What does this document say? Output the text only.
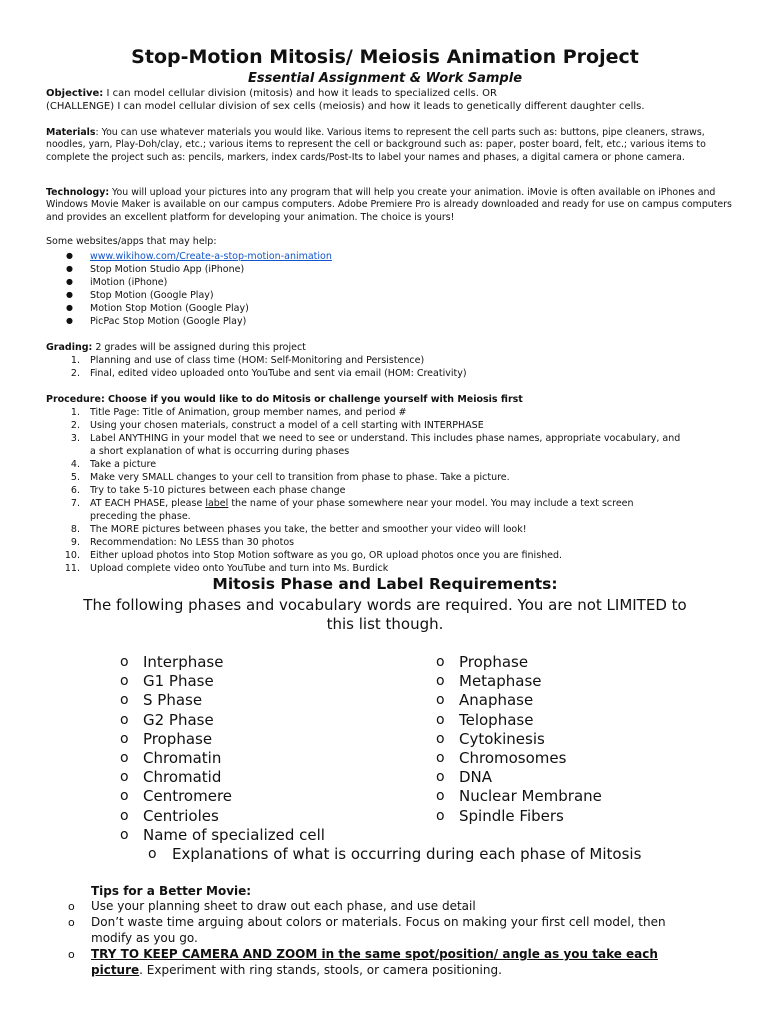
Stop-Motion Mitosis/ Meiosis Animation Project
Essential Assignment & Work Sample
Objective: I can model cellular division (mitosis) and how it leads to specialized cells. OR
(CHALLENGE) I can model cellular division of sex cells (meiosis) and how it leads to genetically different daughter cells.
Materials: You can use whatever materials you would like. Various items to represent the cell parts such as: buttons, pipe cleaners, straws, noodles, yarn, Play-Doh/clay, etc.; various items to represent the cell or background such as: paper, poster board, felt, etc.; various items to complete the project such as: pencils, markers, index cards/Post-Its to label your names and phases, a digital camera or phone camera.
Technology: You will upload your pictures into any program that will help you create your animation. iMovie is often available on iPhones and Windows Movie Maker is available on our campus computers. Adobe Premiere Pro is already downloaded and ready for use on campus computers and provides an excellent platform for developing your animation. The choice is yours!
Some websites/apps that may help:
● www.wikihow.com/Create-a-stop-motion-animation
● Stop Motion Studio App (iPhone)
● iMotion (iPhone)
● Stop Motion (Google Play)
● Motion Stop Motion (Google Play)
● PicPac Stop Motion (Google Play)
Grading: 2 grades will be assigned during this project
1. Planning and use of class time (HOM: Self-Monitoring and Persistence)
2. Final, edited video uploaded onto YouTube and sent via email (HOM: Creativity)
Procedure: Choose if you would like to do Mitosis or challenge yourself with Meiosis first
1. Title Page: Title of Animation, group member names, and period #
2. Using your chosen materials, construct a model of a cell starting with INTERPHASE
3. Label ANYTHING in your model that we need to see or understand. This includes phase names, appropriate vocabulary, and
a short explanation of what is occurring during phases
4. Take a picture
5. Make very SMALL changes to your cell to transition from phase to phase. Take a picture.
6. Try to take 5-10 pictures between each phase change
7. AT EACH PHASE, please label the name of your phase somewhere near your model. You may include a text screen
preceding the phase.
8. The MORE pictures between phases you take, the better and smoother your video will look!
9. Recommendation: No LESS than 30 photos
10. Either upload photos into Stop Motion software as you go, OR upload photos once you are finished.
11. Upload complete video onto YouTube and turn into Ms. Burdick
Mitosis Phase and Label Requirements:
The following phases and vocabulary words are required. You are not LIMITED to
this list though.
o Interphase
o G1 Phase
o S Phase
o G2 Phase
o Prophase
o Chromatin
o Chromatid
o Centromere
o Centrioles
o Name of specialized cell
o Prophase
o Metaphase
o Anaphase
o Telophase
o Cytokinesis
o Chromosomes
o DNA
o Nuclear Membrane
o Spindle Fibers
o Explanations of what is occurring during each phase of Mitosis
Tips for a Better Movie:
o Use your planning sheet to draw out each phase, and use detail
o Don’t waste time arguing about colors or materials. Focus on making your first cell model, then
modify as you go.
o TRY TO KEEP CAMERA AND ZOOM in the same spot/position/ angle as you take each
picture. Experiment with ring stands, stools, or camera positioning.
